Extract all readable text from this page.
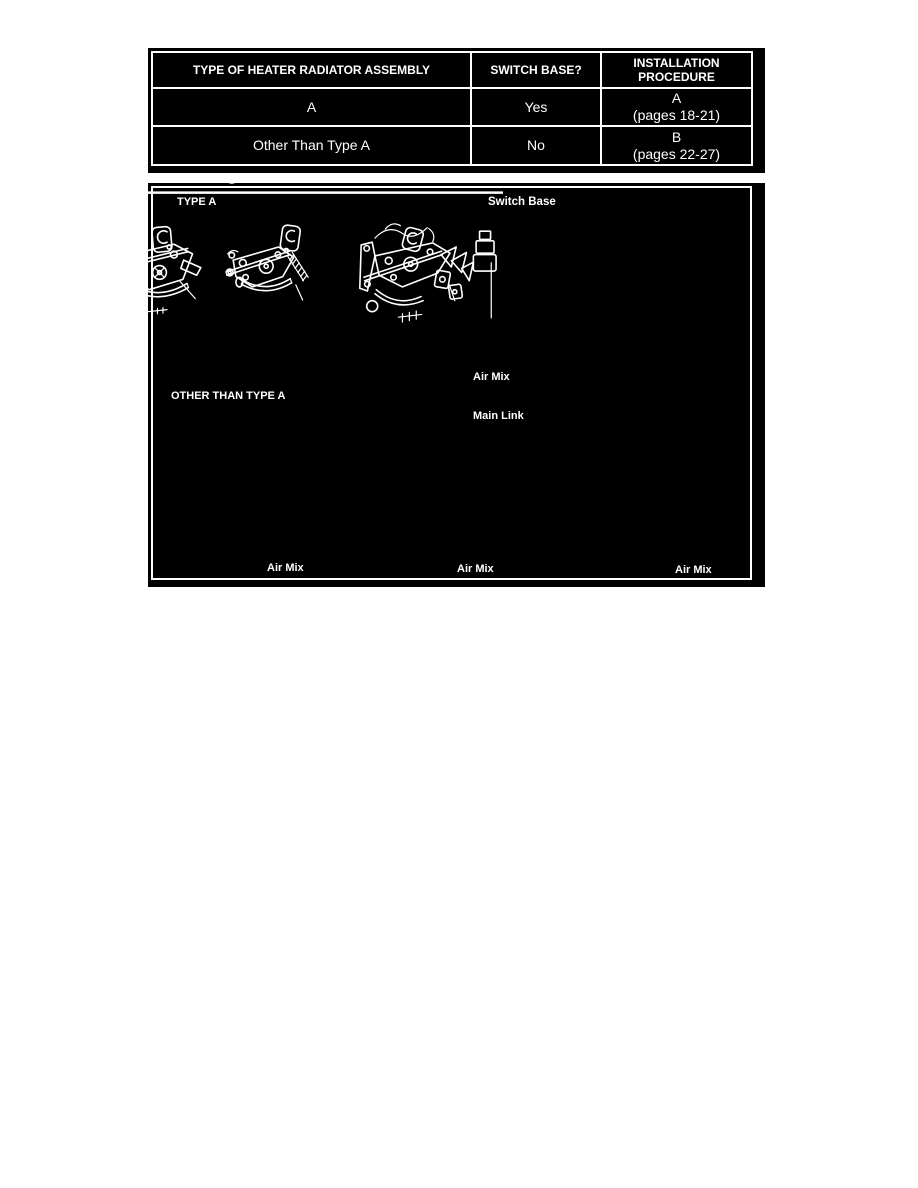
TYPE OF HEATER RADIATOR ASSEMBLY	SWITCH BASE?	INSTALLATION PROCEDURE
A	Yes	A
(pages 18-21)

Other Than Type A	No	B
(pages 22-27)
TYPE A	Switch Base

Air Mix

Main Link

OTHER THAN TYPE A

Air Mix

Main Link

Air Mix

Main Link

Air Mix

Main Link
